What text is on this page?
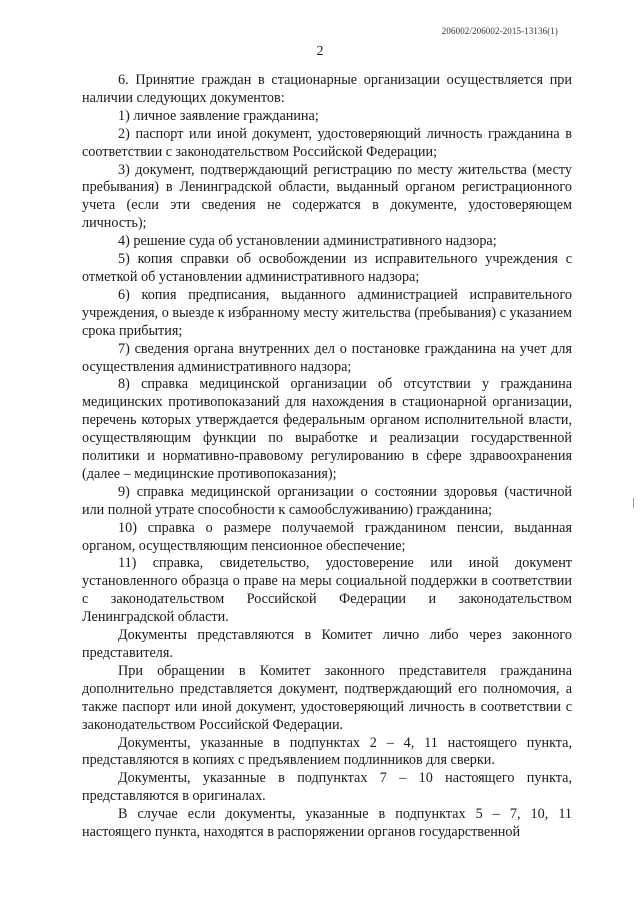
206002/206002-2015-13136(1)
2

6. Принятие граждан в стационарные организации осуществляется при наличии следующих документов:

1) личное заявление гражданина;

2) паспорт или иной документ, удостоверяющий личность гражданина в соответствии с законодательством Российской Федерации;

3) документ, подтверждающий регистрацию по месту жительства (месту пребывания) в Ленинградской области, выданный органом регистрационного учета (если эти сведения не содержатся в документе, удостоверяющем личность);

4) решение суда об установлении административного надзора;

5) копия справки об освобождении из исправительного учреждения с отметкой об установлении административного надзора;

6) копия предписания, выданного администрацией исправительного учреждения, о выезде к избранному месту жительства (пребывания) с указанием срока прибытия;

7) сведения органа внутренних дел о постановке гражданина на учет для осуществления административного надзора;

8) справка медицинской организации об отсутствии у гражданина медицинских противопоказаний для нахождения в стационарной организации, перечень которых утверждается федеральным органом исполнительной власти, осуществляющим функции по выработке и реализации государственной политики и нормативно-правовому регулированию в сфере здравоохранения (далее – медицинские противопоказания);

9) справка медицинской организации о состоянии здоровья (частичной или полной утрате способности к самообслуживанию) гражданина;

10) справка о размере получаемой гражданином пенсии, выданная органом, осуществляющим пенсионное обеспечение;

11) справка, свидетельство, удостоверение или иной документ установленного образца о праве на меры социальной поддержки в соответствии с законодательством Российской Федерации и законодательством Ленинградской области.

Документы представляются в Комитет лично либо через законного представителя.

При обращении в Комитет законного представителя гражданина дополнительно представляется документ, подтверждающий его полномочия, а также паспорт или иной документ, удостоверяющий личность в соответствии с законодательством Российской Федерации.

Документы, указанные в подпунктах 2 – 4, 11 настоящего пункта, представляются в копиях с предъявлением подлинников для сверки.

Документы, указанные в подпунктах 7 – 10 настоящего пункта, представляются в оригиналах.

В случае если документы, указанные в подпунктах 5 – 7, 10, 11 настоящего пункта, находятся в распоряжении органов государственной
